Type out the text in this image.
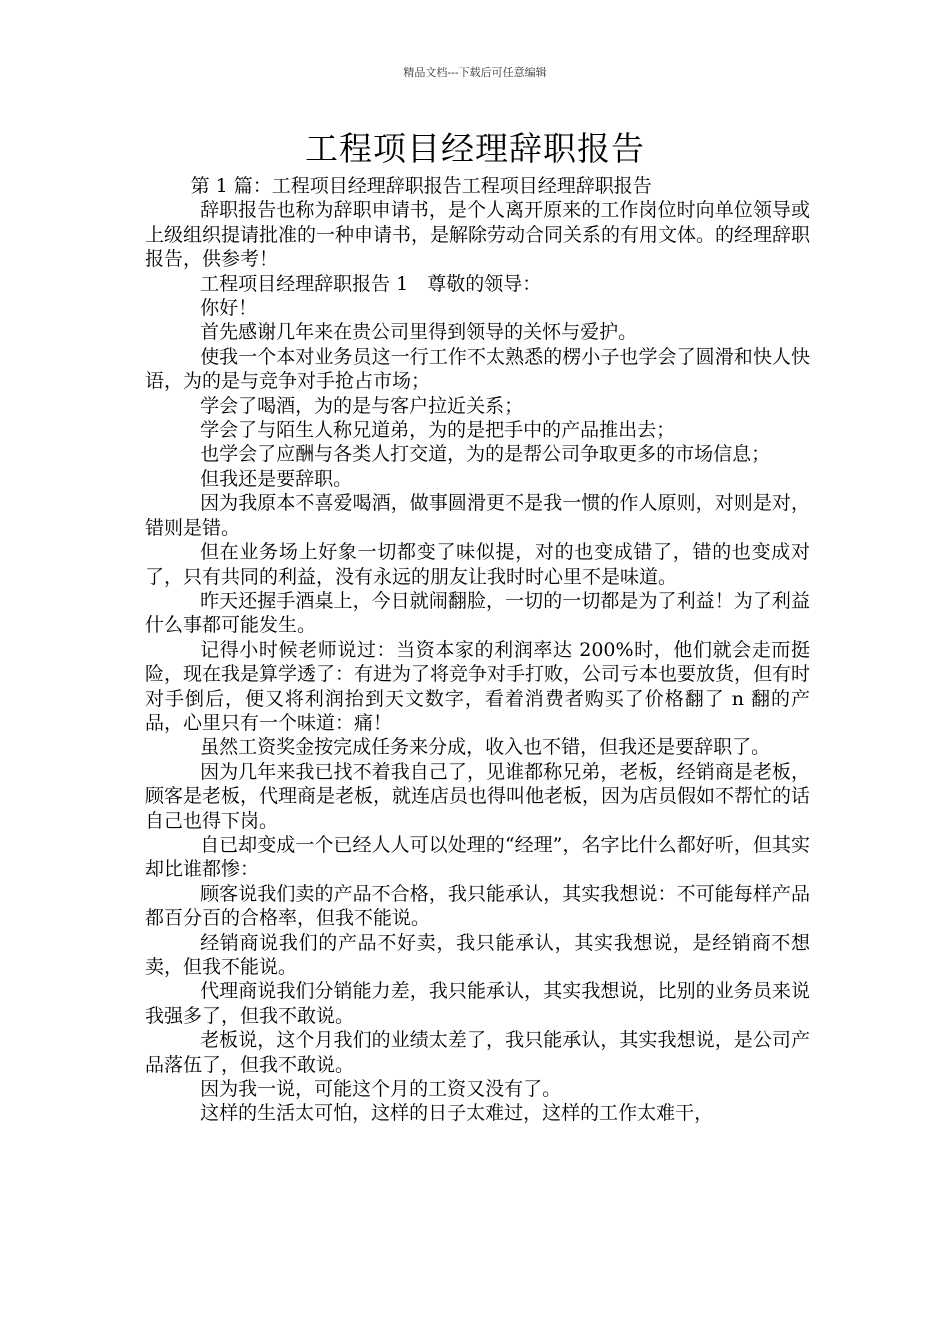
精品文档---下载后可任意编辑
工程项目经理辞职报告

第 1 篇：工程项目经理辞职报告工程项目经理辞职报告

辞职报告也称为辞职申请书，是个人离开原来的工作岗位时向单位领导或上级组织提请批准的一种申请书，是解除劳动合同关系的有用文体。的经理辞职报告，供参考！

工程项目经理辞职报告 1　尊敬的领导：

你好！

首先感谢几年来在贵公司里得到领导的关怀与爱护。

使我一个本对业务员这一行工作不太熟悉的楞小子也学会了圆滑和快人快语，为的是与竞争对手抢占市场；

学会了喝酒，为的是与客户拉近关系；

学会了与陌生人称兄道弟，为的是把手中的产品推出去；

也学会了应酬与各类人打交道，为的是帮公司争取更多的市场信息；

但我还是要辞职。

因为我原本不喜爱喝酒，做事圆滑更不是我一惯的作人原则，对则是对，错则是错。

但在业务场上好象一切都变了味似提，对的也变成错了，错的也变成对了，只有共同的利益，没有永远的朋友让我时时心里不是味道。

昨天还握手酒桌上，今日就闹翻脸，一切的一切都是为了利益！为了利益什么事都可能发生。

记得小时候老师说过：当资本家的利润率达 200%时，他们就会走而挺险，现在我是算学透了：有进为了将竞争对手打败，公司亏本也要放货，但有时对手倒后，便又将利润抬到天文数字，看着消费者购买了价格翻了 n 翻的产品，心里只有一个味道：痛！

虽然工资奖金按完成任务来分成，收入也不错，但我还是要辞职了。

因为几年来我已找不着我自己了，见谁都称兄弟，老板，经销商是老板，顾客是老板，代理商是老板，就连店员也得叫他老板，因为店员假如不帮忙的话自己也得下岗。

自已却变成一个已经人人可以处理的“经理”，名字比什么都好听，但其实却比谁都惨：

顾客说我们卖的产品不合格，我只能承认，其实我想说：不可能每样产品都百分百的合格率，但我不能说。

经销商说我们的产品不好卖，我只能承认，其实我想说，是经销商不想卖，但我不能说。

代理商说我们分销能力差，我只能承认，其实我想说，比别的业务员来说我强多了，但我不敢说。

老板说，这个月我们的业绩太差了，我只能承认，其实我想说，是公司产品落伍了，但我不敢说。

因为我一说，可能这个月的工资又没有了。

这样的生活太可怕，这样的日子太难过，这样的工作太难干，
